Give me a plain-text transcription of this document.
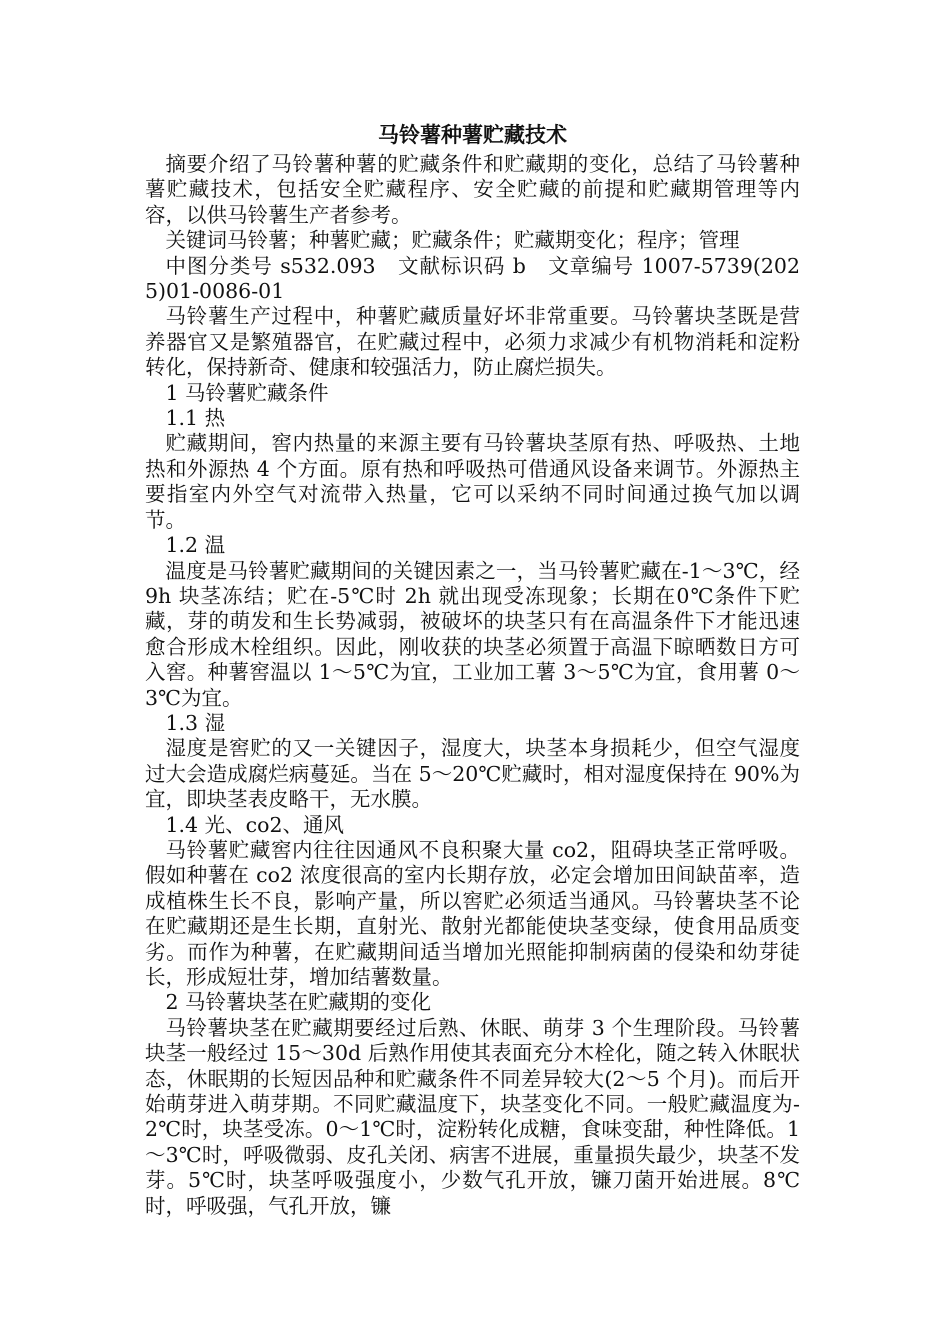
马铃薯种薯贮藏技术

摘要介绍了马铃薯种薯的贮藏条件和贮藏期的变化，总结了马铃薯种薯贮藏技术，包括安全贮藏程序、安全贮藏的前提和贮藏期管理等内容，以供马铃薯生产者参考。

关键词马铃薯；种薯贮藏；贮藏条件；贮藏期变化；程序；管理

中图分类号 s532.093　文献标识码 b　文章编号 1007-5739(2025)01-0086-01

马铃薯生产过程中，种薯贮藏质量好坏非常重要。马铃薯块茎既是营养器官又是繁殖器官，在贮藏过程中，必须力求减少有机物消耗和淀粉转化，保持新奇、健康和较强活力，防止腐烂损失。

1 马铃薯贮藏条件

1.1 热

贮藏期间，窖内热量的来源主要有马铃薯块茎原有热、呼吸热、土地热和外源热 4 个方面。原有热和呼吸热可借通风设备来调节。外源热主要指室内外空气对流带入热量，它可以采纳不同时间通过换气加以调节。

1.2 温

温度是马铃薯贮藏期间的关键因素之一，当马铃薯贮藏在-1～3℃，经 9h 块茎冻结；贮在-5℃时 2h 就出现受冻现象；长期在0℃条件下贮藏，芽的萌发和生长势减弱，被破坏的块茎只有在高温条件下才能迅速愈合形成木栓组织。因此，刚收获的块茎必须置于高温下晾晒数日方可入窖。种薯窖温以 1～5℃为宜，工业加工薯 3～5℃为宜，食用薯 0～3℃为宜。

1.3 湿

湿度是窖贮的又一关键因子，湿度大，块茎本身损耗少，但空气湿度过大会造成腐烂病蔓延。当在 5～20℃贮藏时，相对湿度保持在 90%为宜，即块茎表皮略干，无水膜。

1.4 光、co2、通风

马铃薯贮藏窖内往往因通风不良积聚大量 co2，阻碍块茎正常呼吸。假如种薯在 co2 浓度很高的室内长期存放，必定会增加田间缺苗率，造成植株生长不良，影响产量，所以窖贮必须适当通风。马铃薯块茎不论在贮藏期还是生长期，直射光、散射光都能使块茎变绿，使食用品质变劣。而作为种薯，在贮藏期间适当增加光照能抑制病菌的侵染和幼芽徒长，形成短壮芽，增加结薯数量。

2 马铃薯块茎在贮藏期的变化

马铃薯块茎在贮藏期要经过后熟、休眠、萌芽 3 个生理阶段。马铃薯块茎一般经过 15～30d 后熟作用使其表面充分木栓化，随之转入休眠状态，休眠期的长短因品种和贮藏条件不同差异较大(2～5 个月)。而后开始萌芽进入萌芽期。不同贮藏温度下，块茎变化不同。一般贮藏温度为-2℃时，块茎受冻。0～1℃时，淀粉转化成糖，食味变甜，种性降低。1～3℃时，呼吸微弱、皮孔关闭、病害不进展，重量损失最少，块茎不发芽。5℃时，块茎呼吸强度小，少数气孔开放，镰刀菌开始进展。8℃时，呼吸强，气孔开放，镰
